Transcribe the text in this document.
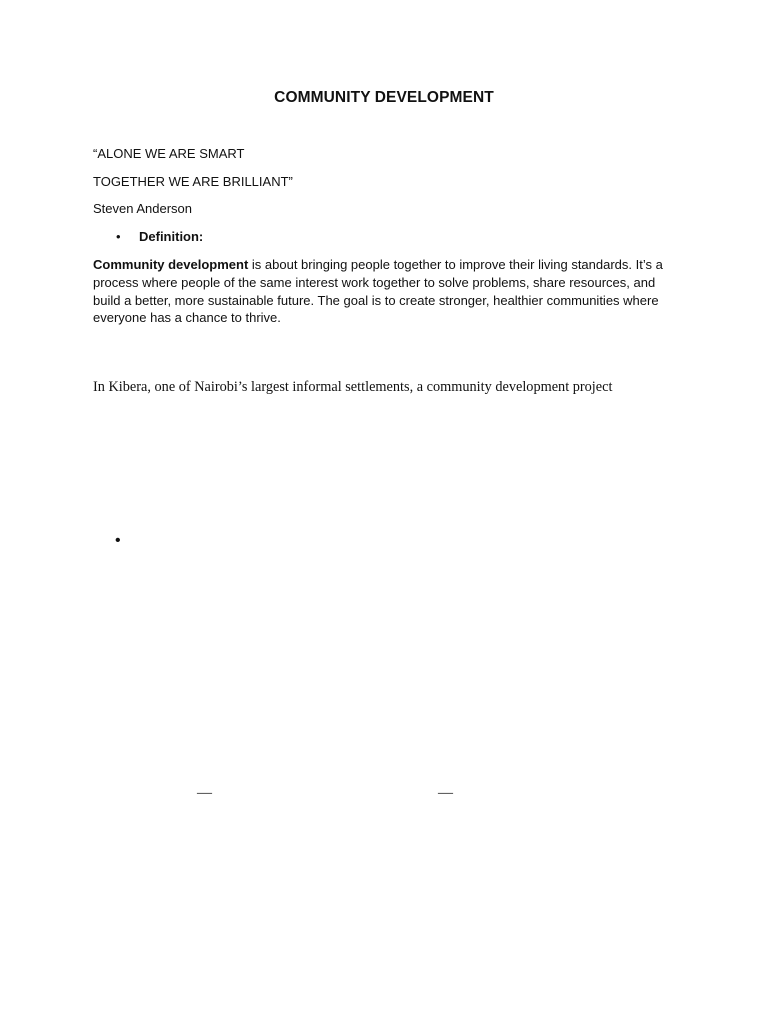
COMMUNITY DEVELOPMENT
“ALONE WE ARE SMART
TOGETHER WE ARE BRILLIANT”
Steven Anderson
• Definition:
Community development is about bringing people together to improve their living standards. It’s a process where people of the same interest work together to solve problems, share resources, and build a better, more sustainable future. The goal is to create stronger, healthier communities where everyone has a chance to thrive.
In Kibera, one of Nairobi’s largest informal settlements, a community development project
•
—	—
